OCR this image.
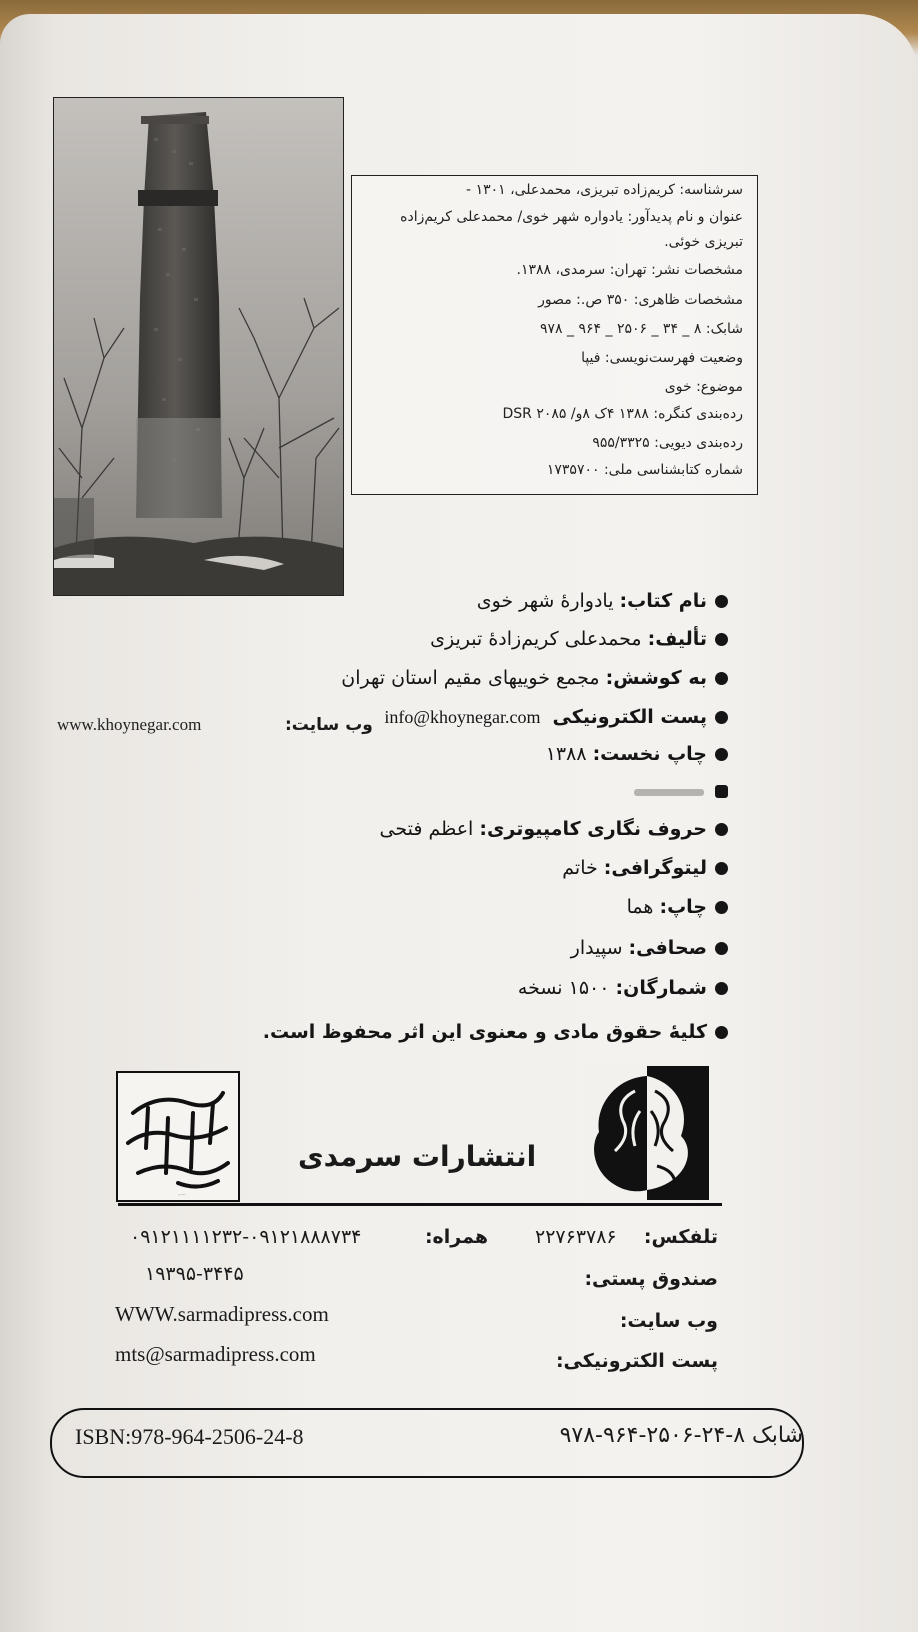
سرشناسه: کریم‌زاده تبریزی، محمدعلی، ۱۳۰۱ -
عنوان و نام پدیدآور: یادواره شهر خوی/ محمدعلی کریم‌زاده
تبریزی خوئی.
مشخصات نشر: تهران: سرمدی، ۱۳۸۸.
مشخصات ظاهری: ۳۵۰ ص.: مصور
شابک: ۸ _ ۳۴ _ ۲۵۰۶ _ ۹۶۴ _ ۹۷۸
وضعیت فهرست‌نویسی: فیپا
موضوع: خوی
رده‌بندی کنگره: ۱۳۸۸ ۴ک ۸و/ DSR ۲۰۸۵
رده‌بندی دیویی: ۹۵۵/۳۳۲۵
شماره کتابشناسی ملی: ۱۷۳۵۷۰۰
نام کتاب: یادوارهٔ شهر خوی
تألیف: محمدعلی کریم‌زادهٔ تبریزی
به کوشش: مجمع خوییهای مقیم استان تهران
پست الکترونیکی  info@khoynegar.com
وب سایت:
www.khoynegar.com
چاپ نخست: ۱۳۸۸
حروف نگاری کامپیوتری: اعظم فتحی
لیتوگرافی: خاتم
چاپ: هما
صحافی: سپیدار
شمارگان: ۱۵۰۰ نسخه
کلیهٔ حقوق مادی و معنوی این اثر محفوظ است.
انتشارات سرمدی
انتشارات سرمدی
تلفکس:
۲۲۷۶۳۷۸۶
همراه:
۰۹۱۲۱۱۱۱۲۳۲-۰۹۱۲۱۸۸۸۷۳۴
صندوق پستی:
۱۹۳۹۵-۳۴۴۵
وب سایت:
WWW.sarmadipress.com
پست الکترونیکی:
mts@sarmadipress.com
ISBN:978-964-2506-24-8	شابک ۸-۲۴-۲۵۰۶-۹۶۴-۹۷۸
